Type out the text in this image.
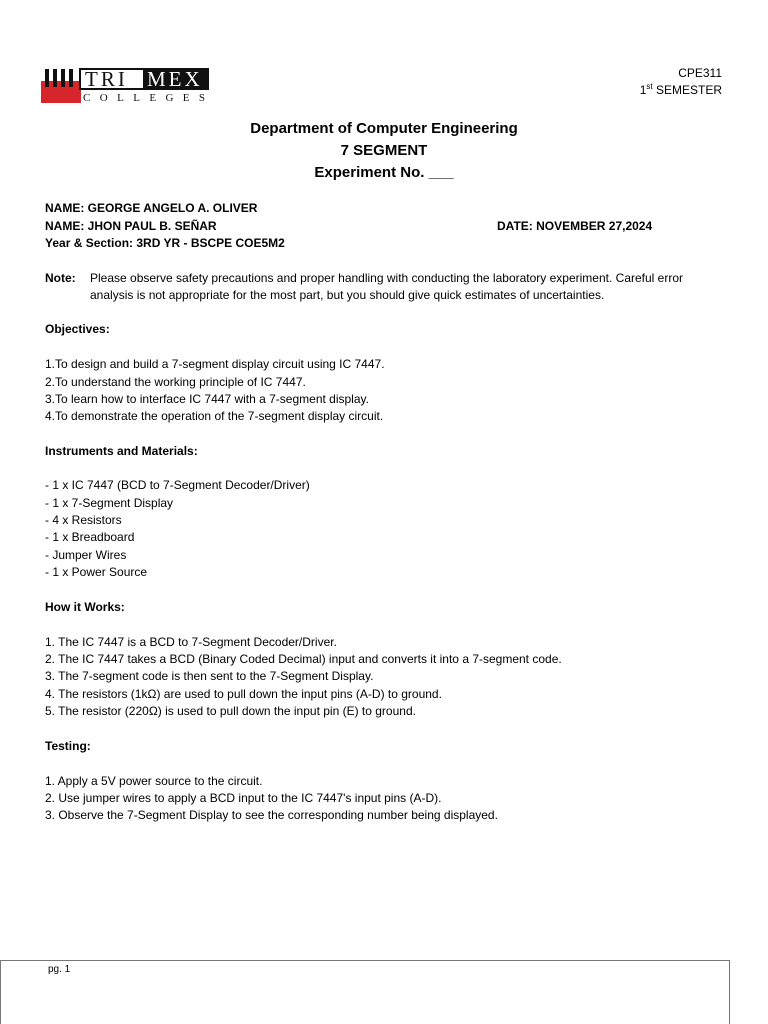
TRI MEX
COLLEGES
CPE311
1st SEMESTER
Department of Computer Engineering
7 SEGMENT
Experiment No. ___
NAME: GEORGE ANGELO A. OLIVER
NAME: JHON PAUL B. SEÑAR	DATE: NOVEMBER 27,2024
Year & Section: 3RD YR - BSCPE COE5M2
Note: Please observe safety precautions and proper handling with conducting the laboratory experiment. Careful error
analysis is not appropriate for the most part, but you should give quick estimates of uncertainties.
Objectives:
1.To design and build a 7-segment display circuit using IC 7447.
2.To understand the working principle of IC 7447.
3.To learn how to interface IC 7447 with a 7-segment display.
4.To demonstrate the operation of the 7-segment display circuit.
Instruments and Materials:
- 1 x IC 7447 (BCD to 7-Segment Decoder/Driver)
- 1 x 7-Segment Display
- 4 x Resistors
- 1 x Breadboard
- Jumper Wires
- 1 x Power Source
How it Works:
1. The IC 7447 is a BCD to 7-Segment Decoder/Driver.
2. The IC 7447 takes a BCD (Binary Coded Decimal) input and converts it into a 7-segment code.
3. The 7-segment code is then sent to the 7-Segment Display.
4. The resistors (1kΩ) are used to pull down the input pins (A-D) to ground.
5. The resistor (220Ω) is used to pull down the input pin (E) to ground.
Testing:
1. Apply a 5V power source to the circuit.
2. Use jumper wires to apply a BCD input to the IC 7447's input pins (A-D).
3. Observe the 7-Segment Display to see the corresponding number being displayed.
pg. 1
